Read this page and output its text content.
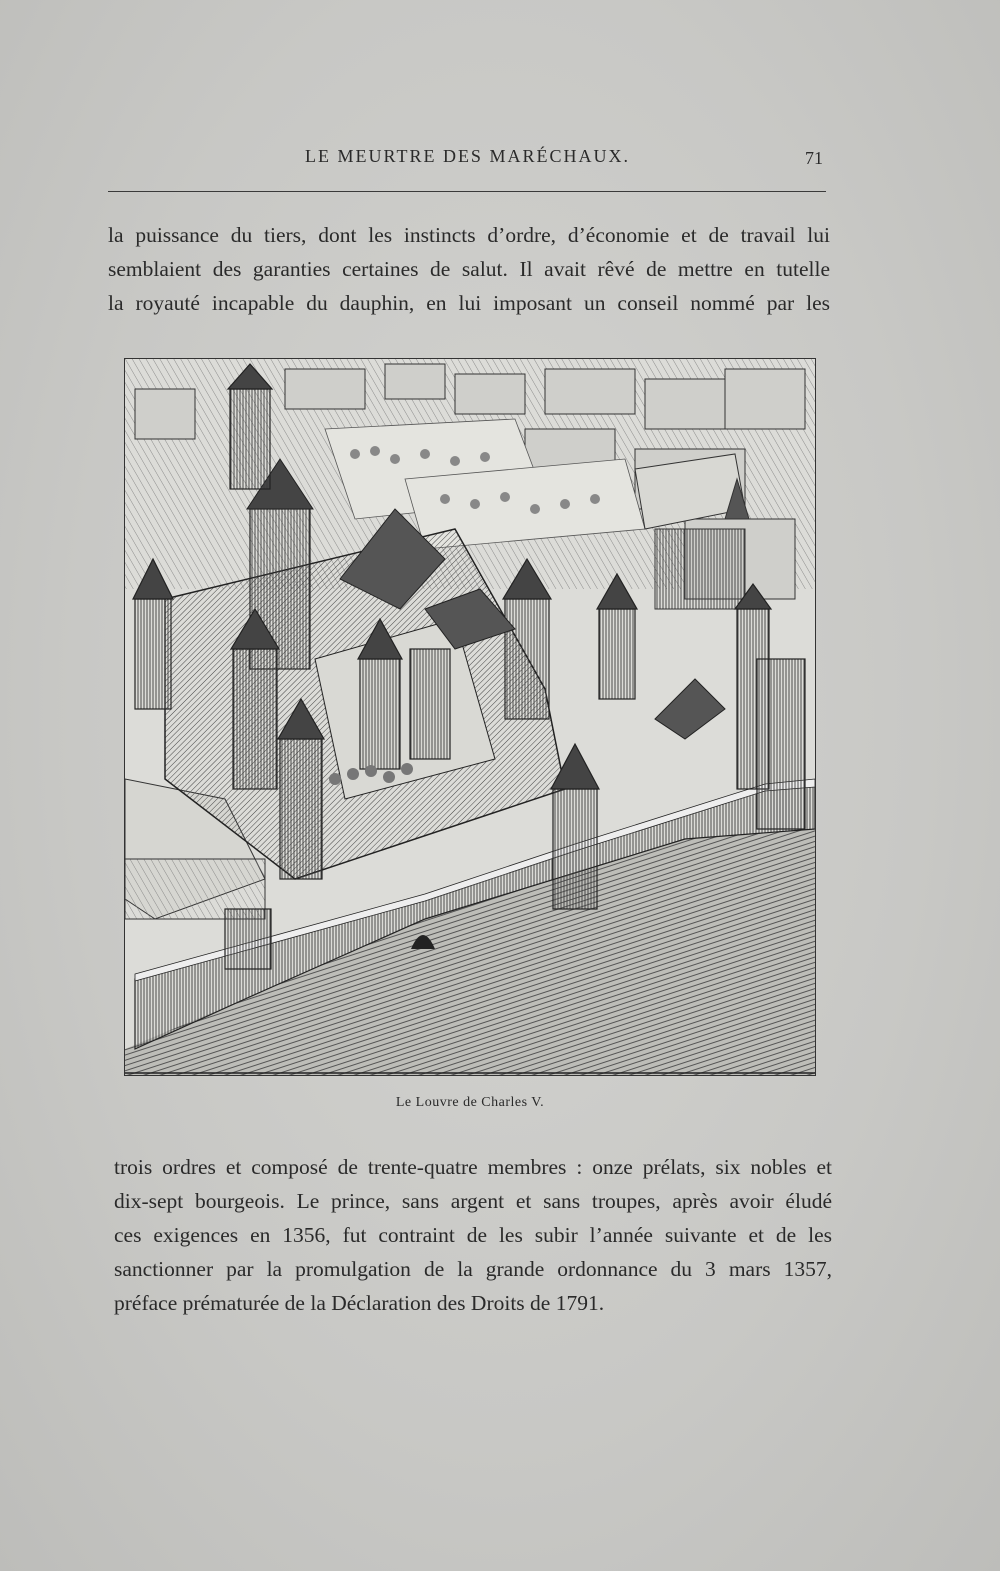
LE MEURTRE DES MARÉCHAUX.	71
la puissance du tiers, dont les instincts d’ordre, d’économie et de travail lui
semblaient des garanties certaines de salut. Il avait rêvé de mettre en tutelle
la royauté incapable du dauphin, en lui imposant un conseil nommé par les
Le Louvre de Charles V.
trois ordres et composé de trente-quatre membres : onze prélats, six nobles et
dix-sept bourgeois. Le prince, sans argent et sans troupes, après avoir éludé
ces exigences en 1356, fut contraint de les subir l’année suivante et de les
sanctionner par la promulgation de la grande ordonnance du 3 mars 1357,
préface prématurée de la Déclaration des Droits de 1791.
